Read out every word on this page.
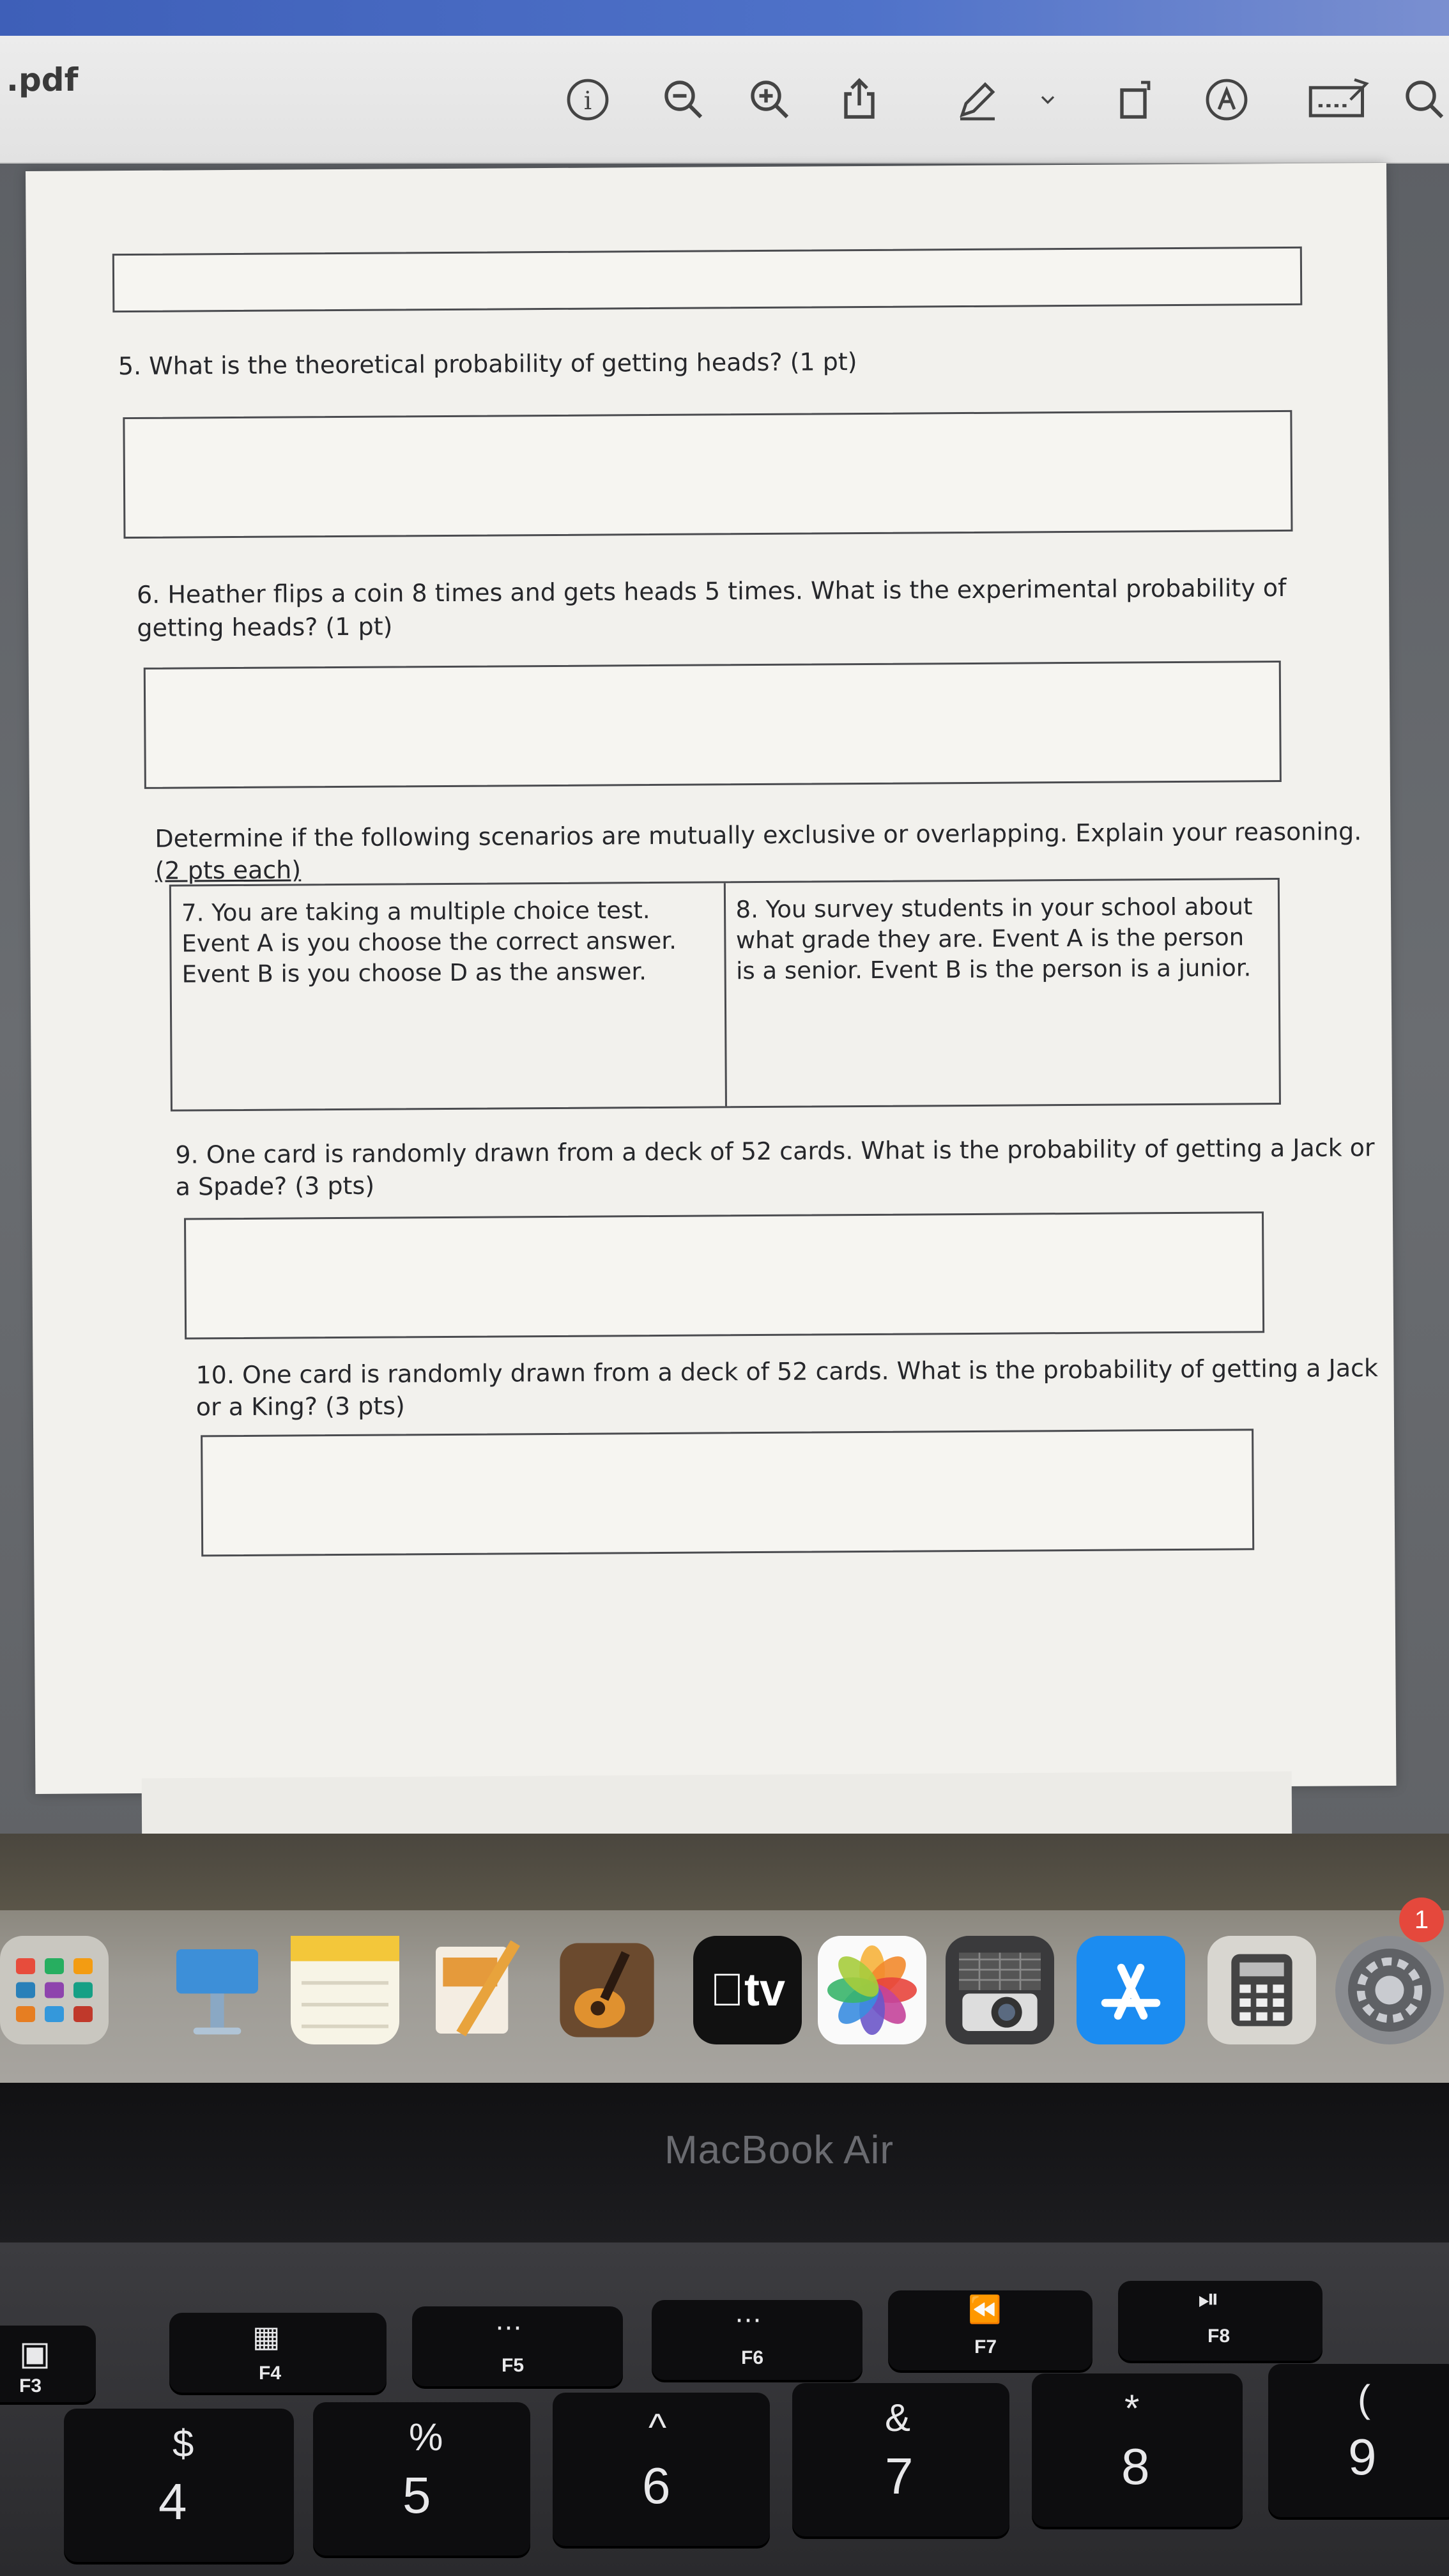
.pdf
i
5. What is the theoretical probability of getting heads? (1 pt)
6. Heather flips a coin 8 times and gets heads 5 times. What is the experimental probability of
getting heads? (1 pt)
Determine if the following scenarios are mutually exclusive or overlapping. Explain your reasoning.
(2 pts each)
7. You are taking a multiple choice test. Event A is you choose the correct answer. Event B is you choose D as the answer.
8. You survey students in your school about what grade they are. Event A is the person is a senior. Event B is the person is a junior.
9. One card is randomly drawn from a deck of 52 cards. What is the probability of getting a Jack or
a Spade? (3 pts)
10. One card is randomly drawn from a deck of 52 cards. What is the probability of getting a Jack
or a King? (3 pts)
tv
1
MacBook Air
▣
F3
▦
F4
⋯
F5
⋯
F6
⏪
F7
⏯
F8
$
4
%
5
^
6
&
7
*
8
(
9
